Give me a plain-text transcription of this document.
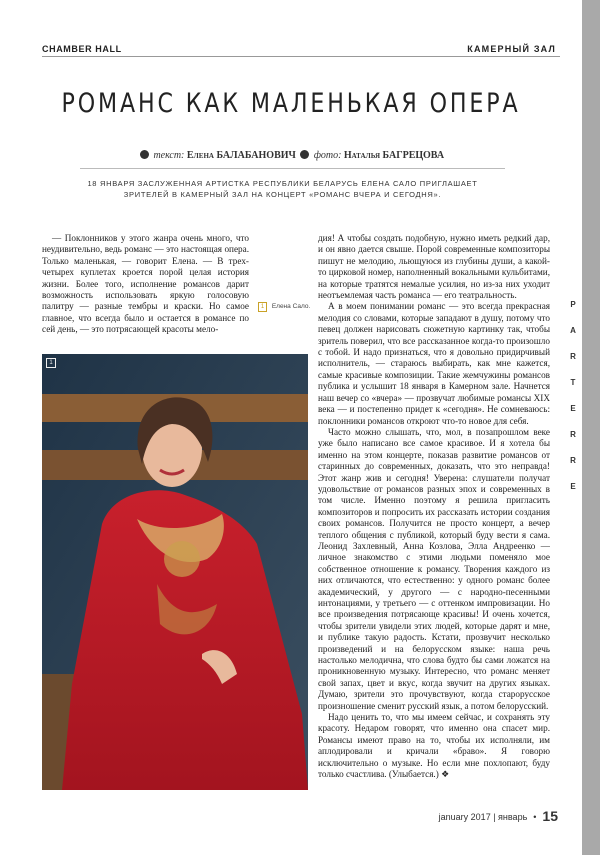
P
A
R
T
E
R
R
E
CHAMBER HALL	КАМЕРНЫЙ ЗАЛ
РОМАНС КАК МАЛЕНЬКАЯ ОПЕРА
текст: Елена БАЛАБАНОВИЧ фото: Наталья БАГРЕЦОВА
18 ЯНВАРЯ ЗАСЛУЖЕННАЯ АРТИСТКА РЕСПУБЛИКИ БЕЛАРУСЬ ЕЛЕНА САЛО ПРИГЛАШАЕТ ЗРИТЕЛЕЙ В КАМЕРНЫЙ ЗАЛ НА КОНЦЕРТ «РОМАНС ВЧЕРА И СЕГОДНЯ».

— Поклонников у этого жанра очень много, что неудивительно, ведь романс — это настоящая опера. Только маленькая, — говорит Елена. — В трех-четырех куплетах кроется порой целая история жизни. Более того, исполнение романсов дарит возможность использовать яркую голосовую палитру — разные тембры и краски. Но самое главное, что всегда было и остается в романсе по сей день, — это потрясающей красоты мело-

1 Елена Сало.
1

дия! А чтобы создать подобную, нужно иметь редкий дар, и он явно дается свыше. Порой современные композиторы пишут не мелодию, льющуюся из глубины души, а какой-то цирковой номер, наполненный вокальными кульбитами, на которые тратятся немалые усилия, но из-за них уходит неотъемлемая часть романса — его театральность.

А в моем понимании романс — это всегда прекрасная мелодия со словами, которые западают в душу, потому что певец должен нарисовать сюжетную картинку так, чтобы зритель поверил, что все рассказанное когда-то произошло с тобой. И надо признаться, что я довольно придирчивый исполнитель, — стараюсь выбирать, как мне кажется, самые красивые композиции. Такие жемчужины романсов публика и услышит 18 января в Камерном зале. Начнется наш вечер со «вчера» — прозвучат любимые романсы XIX века — и постепенно придет к «сегодня». Не сомневаюсь: поклонники романсов откроют что-то новое для себя.

Часто можно слышать, что, мол, в позапрошлом веке уже было написано все самое красивое. И я хотела бы именно на этом концерте, показав развитие романсов от старинных до современных, доказать, что это неправда! Этот жанр жив и сегодня! Уверена: слушатели получат удовольствие от романсов разных эпох и современных в том числе. Именно поэтому я решила пригласить композиторов и попросить их рассказать истории создания своих романсов. Получится не просто концерт, а вечер теплого общения с публикой, который буду вести я сама. Леонид Захлевный, Анна Козлова, Элла Андреенко — личное знакомство с этими людьми поменяло мое собственное отношение к романсу. Творения каждого из них отличаются, что естественно: у одного романс более академический, у другого — с народно-песенными интонациями, у третьего — с оттенком импровизации. Но все произведения потрясающе красивы! И очень хочется, чтобы зрители увидели этих людей, которые дарят и мне, и публике такую радость. Кстати, прозвучит несколько произведений и на белорусском языке: наша речь настолько мелодична, что слова будто бы сами ложатся на проникновенную музыку. Интересно, что романс меняет свой запах, цвет и вкус, когда звучит на других языках. Думаю, зрители это прочувствуют, когда старорусское произношение сменит русский язык, а потом белорусский.

Надо ценить то, что мы имеем сейчас, и сохранять эту красоту. Недаром говорят, что именно она спасет мир. Романсы имеют право на то, чтобы их исполняли, им аплодировали и кричали «браво». Я говорю исключительно о музыке. Но если мне похлопают, буду только счастлива. (Улыбается.) ❖

january 2017 | январь • 15
